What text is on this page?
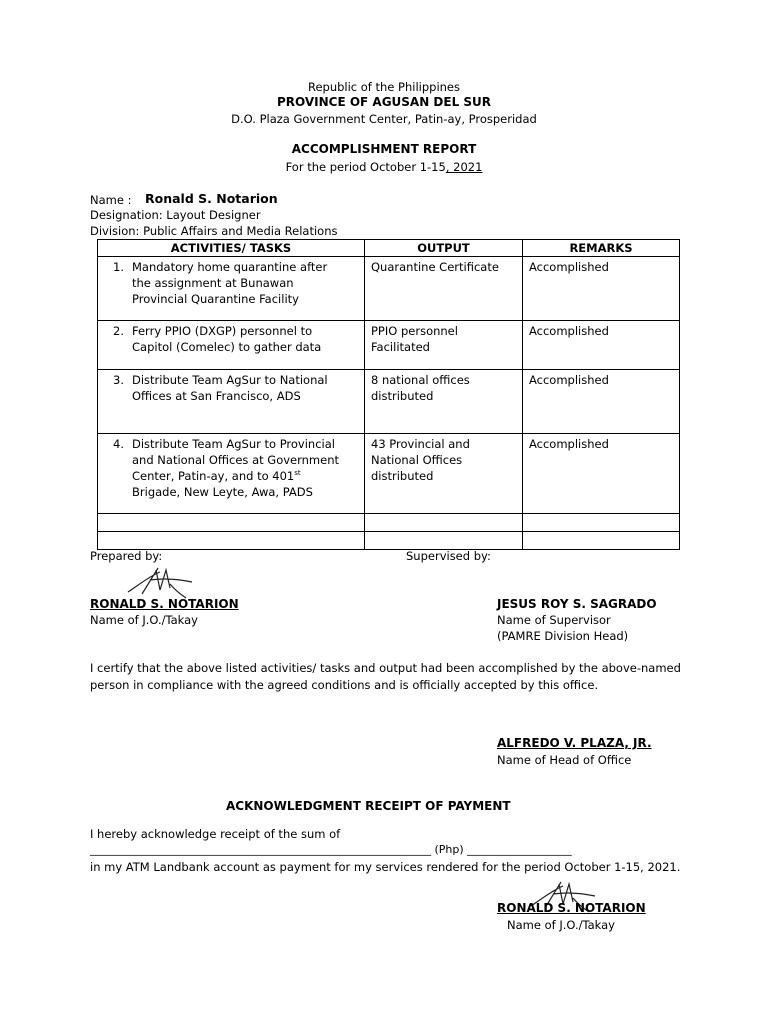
Republic of the Philippines
PROVINCE OF AGUSAN DEL SUR
D.O. Plaza Government Center, Patin-ay, Prosperidad
ACCOMPLISHMENT REPORT
For the period October 1-15, 2021
Name : Ronald S. Notarion
Designation: Layout Designer
Division: Public Affairs and Media Relations
ACTIVITIES/ TASKS	OUTPUT	REMARKS
1. Mandatory home quarantine after the assignment at Bunawan Provincial Quarantine Facility	Quarantine Certificate	Accomplished
2. Ferry PPIO (DXGP) personnel to Capitol (Comelec) to gather data	PPIO personnel Facilitated	Accomplished
3. Distribute Team AgSur to National Offices at San Francisco, ADS	8 national offices distributed	Accomplished
4. Distribute Team AgSur to Provincial and National Offices at Government Center, Patin-ay, and to 401st Brigade, New Leyte, Awa, PADS	43 Provincial and National Offices distributed	Accomplished

Prepared by:	Supervised by:
RONALD S. NOTARION
Name of J.O./Takay
JESUS ROY S. SAGRADO
Name of Supervisor
(PAMRE Division Head)
I certify that the above listed activities/ tasks and output had been accomplished by the above-named person in compliance with the agreed conditions and is officially accepted by this office.
ALFREDO V. PLAZA, JR.
Name of Head of Office
ACKNOWLEDGMENT RECEIPT OF PAYMENT
I hereby acknowledge receipt of the sum of
______________________________________________________________ (Php) ___________________
in my ATM Landbank account as payment for my services rendered for the period October 1-15, 2021.
RONALD S. NOTARION
Name of J.O./Takay
